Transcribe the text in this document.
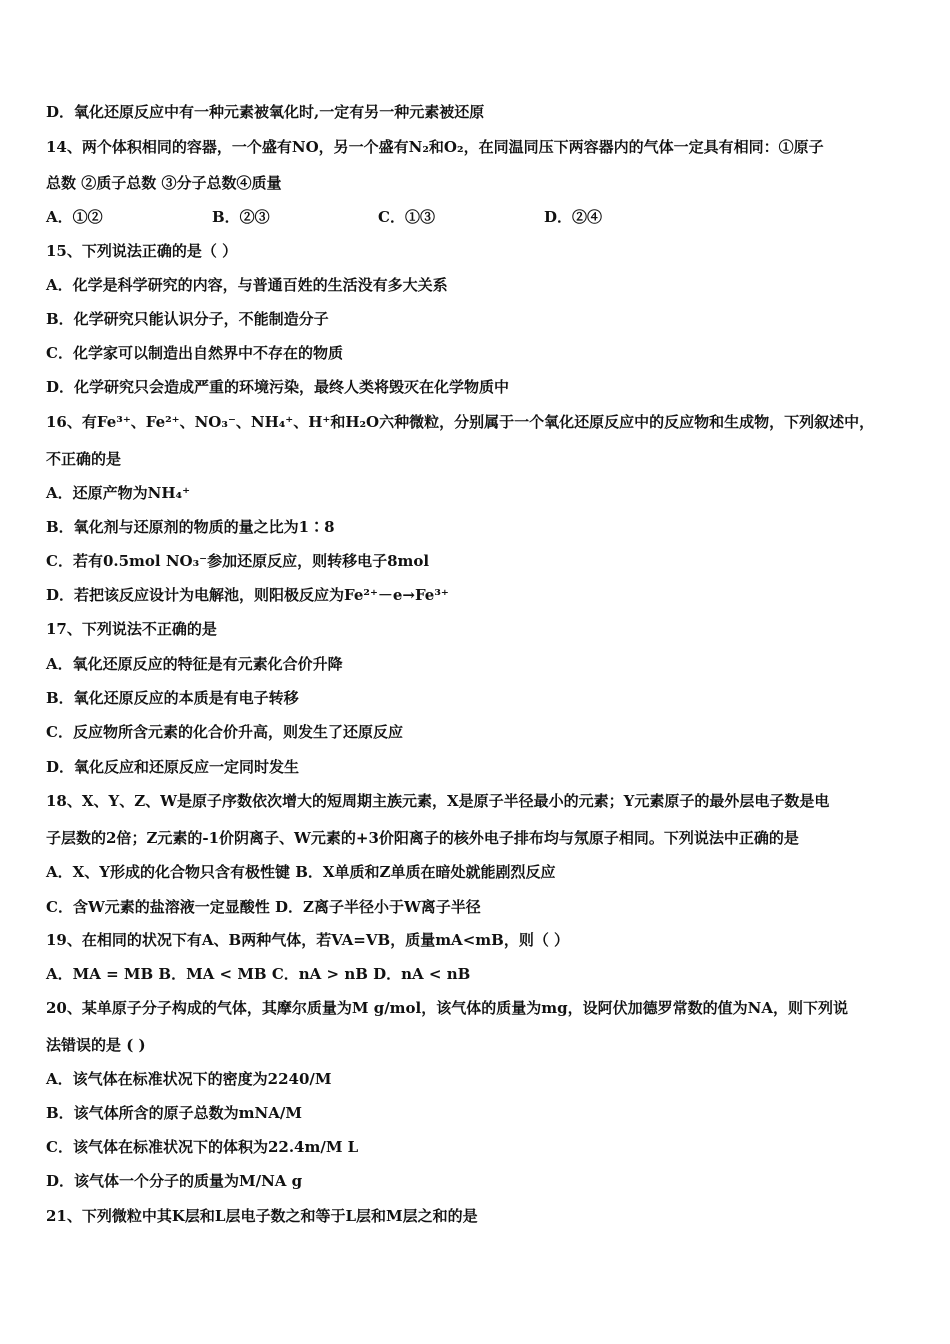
D．氧化还原反应中有一种元素被氧化时,一定有另一种元素被还原
14、两个体积相同的容器，一个盛有NO，另一个盛有N₂和O₂，在同温同压下两容器内的气体一定具有相同：①原子
总数 ②质子总数 ③分子总数④质量
A．①②	B．②③	C．①③	D．②④
15、下列说法正确的是（ ）
A．化学是科学研究的内容，与普通百姓的生活没有多大关系
B．化学研究只能认识分子，不能制造分子
C．化学家可以制造出自然界中不存在的物质
D．化学研究只会造成严重的环境污染，最终人类将毁灭在化学物质中
16、有Fe³⁺、Fe²⁺、NO₃⁻、NH₄⁺、H⁺和H₂O六种微粒，分别属于一个氧化还原反应中的反应物和生成物，下列叙述中，
不正确的是
A．还原产物为NH₄⁺
B．氧化剂与还原剂的物质的量之比为1∶8
C．若有0.5mol NO₃⁻参加还原反应，则转移电子8mol
D．若把该反应设计为电解池，则阳极反应为Fe²⁺－e→Fe³⁺
17、下列说法不正确的是
A．氧化还原反应的特征是有元素化合价升降
B．氧化还原反应的本质是有电子转移
C．反应物所含元素的化合价升高，则发生了还原反应
D．氧化反应和还原反应一定同时发生
18、X、Y、Z、W是原子序数依次增大的短周期主族元素，X是原子半径最小的元素；Y元素原子的最外层电子数是电
子层数的2倍；Z元素的-1价阴离子、W元素的+3价阳离子的核外电子排布均与氖原子相同。下列说法中正确的是
A．X、Y形成的化合物只含有极性键 B．X单质和Z单质在暗处就能剧烈反应
C．含W元素的盐溶液一定显酸性 D．Z离子半径小于W离子半径
19、在相同的状况下有A、B两种气体，若VA=VB，质量mA<mB，则（ ）
A．MA = MB B．MA < MB C．nA > nB D．nA < nB
20、某单原子分子构成的气体，其摩尔质量为M g/mol，该气体的质量为mg，设阿伏加德罗常数的值为NA，则下列说
法错误的是 ( )
A．该气体在标准状况下的密度为2240/M
B．该气体所含的原子总数为mNA/M
C．该气体在标准状况下的体积为22.4m/M L
D．该气体一个分子的质量为M/NA g
21、下列微粒中其K层和L层电子数之和等于L层和M层之和的是
